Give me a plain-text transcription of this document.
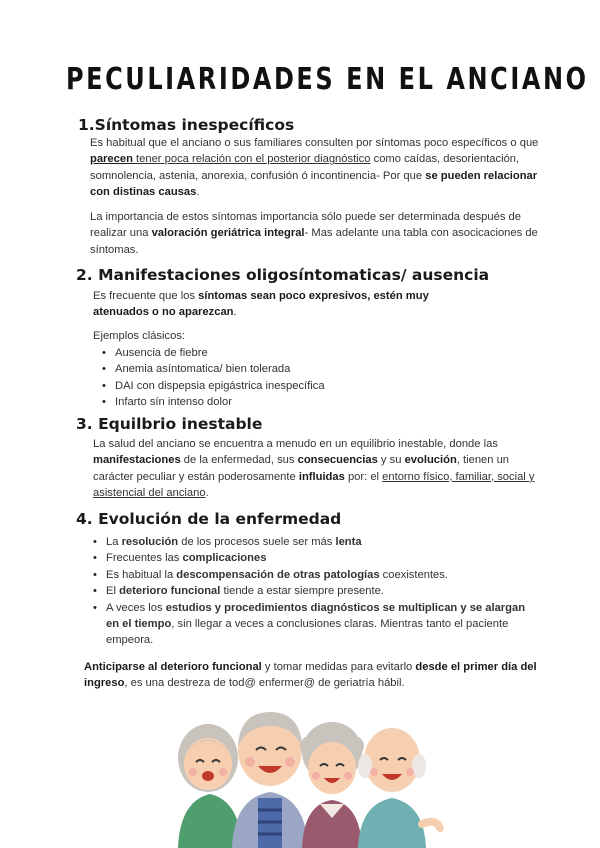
PECULIARIDADES EN EL ANCIANO
1.Síntomas inespecíficos
Es habitual que el anciano o sus familiares consulten por síntomas poco específicos o que parecen tener poca relación con el posterior diagnóstico como caídas, desorientación, somnolencia, astenia, anorexia, confusión ó incontinencia- Por que se pueden relacionar con distinas causas.
La importancia de estos síntomas importancia sólo puede ser determinada después de realizar una valoración geriátrica integral- Mas adelante una tabla con asocicaciones de síntomas.
2. Manifestaciones oligosíntomaticas/ ausencia
Es frecuente que los síntomas sean poco expresivos, estén muy atenuados o no aparezcan.
Ejemplos clásicos:
• Ausencia de fiebre
• Anemia asíntomatica/ bien tolerada
• DAI con dispepsia epigástrica inespecífica
• Infarto sín intenso dolor
3. Equilbrio inestable
La salud del anciano se encuentra a menudo en un equilibrio inestable, donde las manifestaciones de la enfermedad, sus consecuencias y su evolución, tienen un carácter peculiar y están poderosamente influidas por: el entorno físico, familiar, social y asistencial del anciano.
4. Evolución de la enfermedad
• La resolución de los procesos suele ser más lenta
• Frecuentes las complicaciones
• Es habitual la descompensación de otras patologías coexistentes.
• El deterioro funcional tiende a estar siempre presente.
• A veces los estudios y procedimientos diagnósticos se multiplican y se alargan en el tiempo, sin llegar a veces a conclusiones claras. Mientras tanto el paciente empeora.
Anticiparse al deterioro funcional y tomar medidas para evitarlo desde el primer día del ingreso, es una destreza de tod@ enfermer@ de geriatría hábil.
